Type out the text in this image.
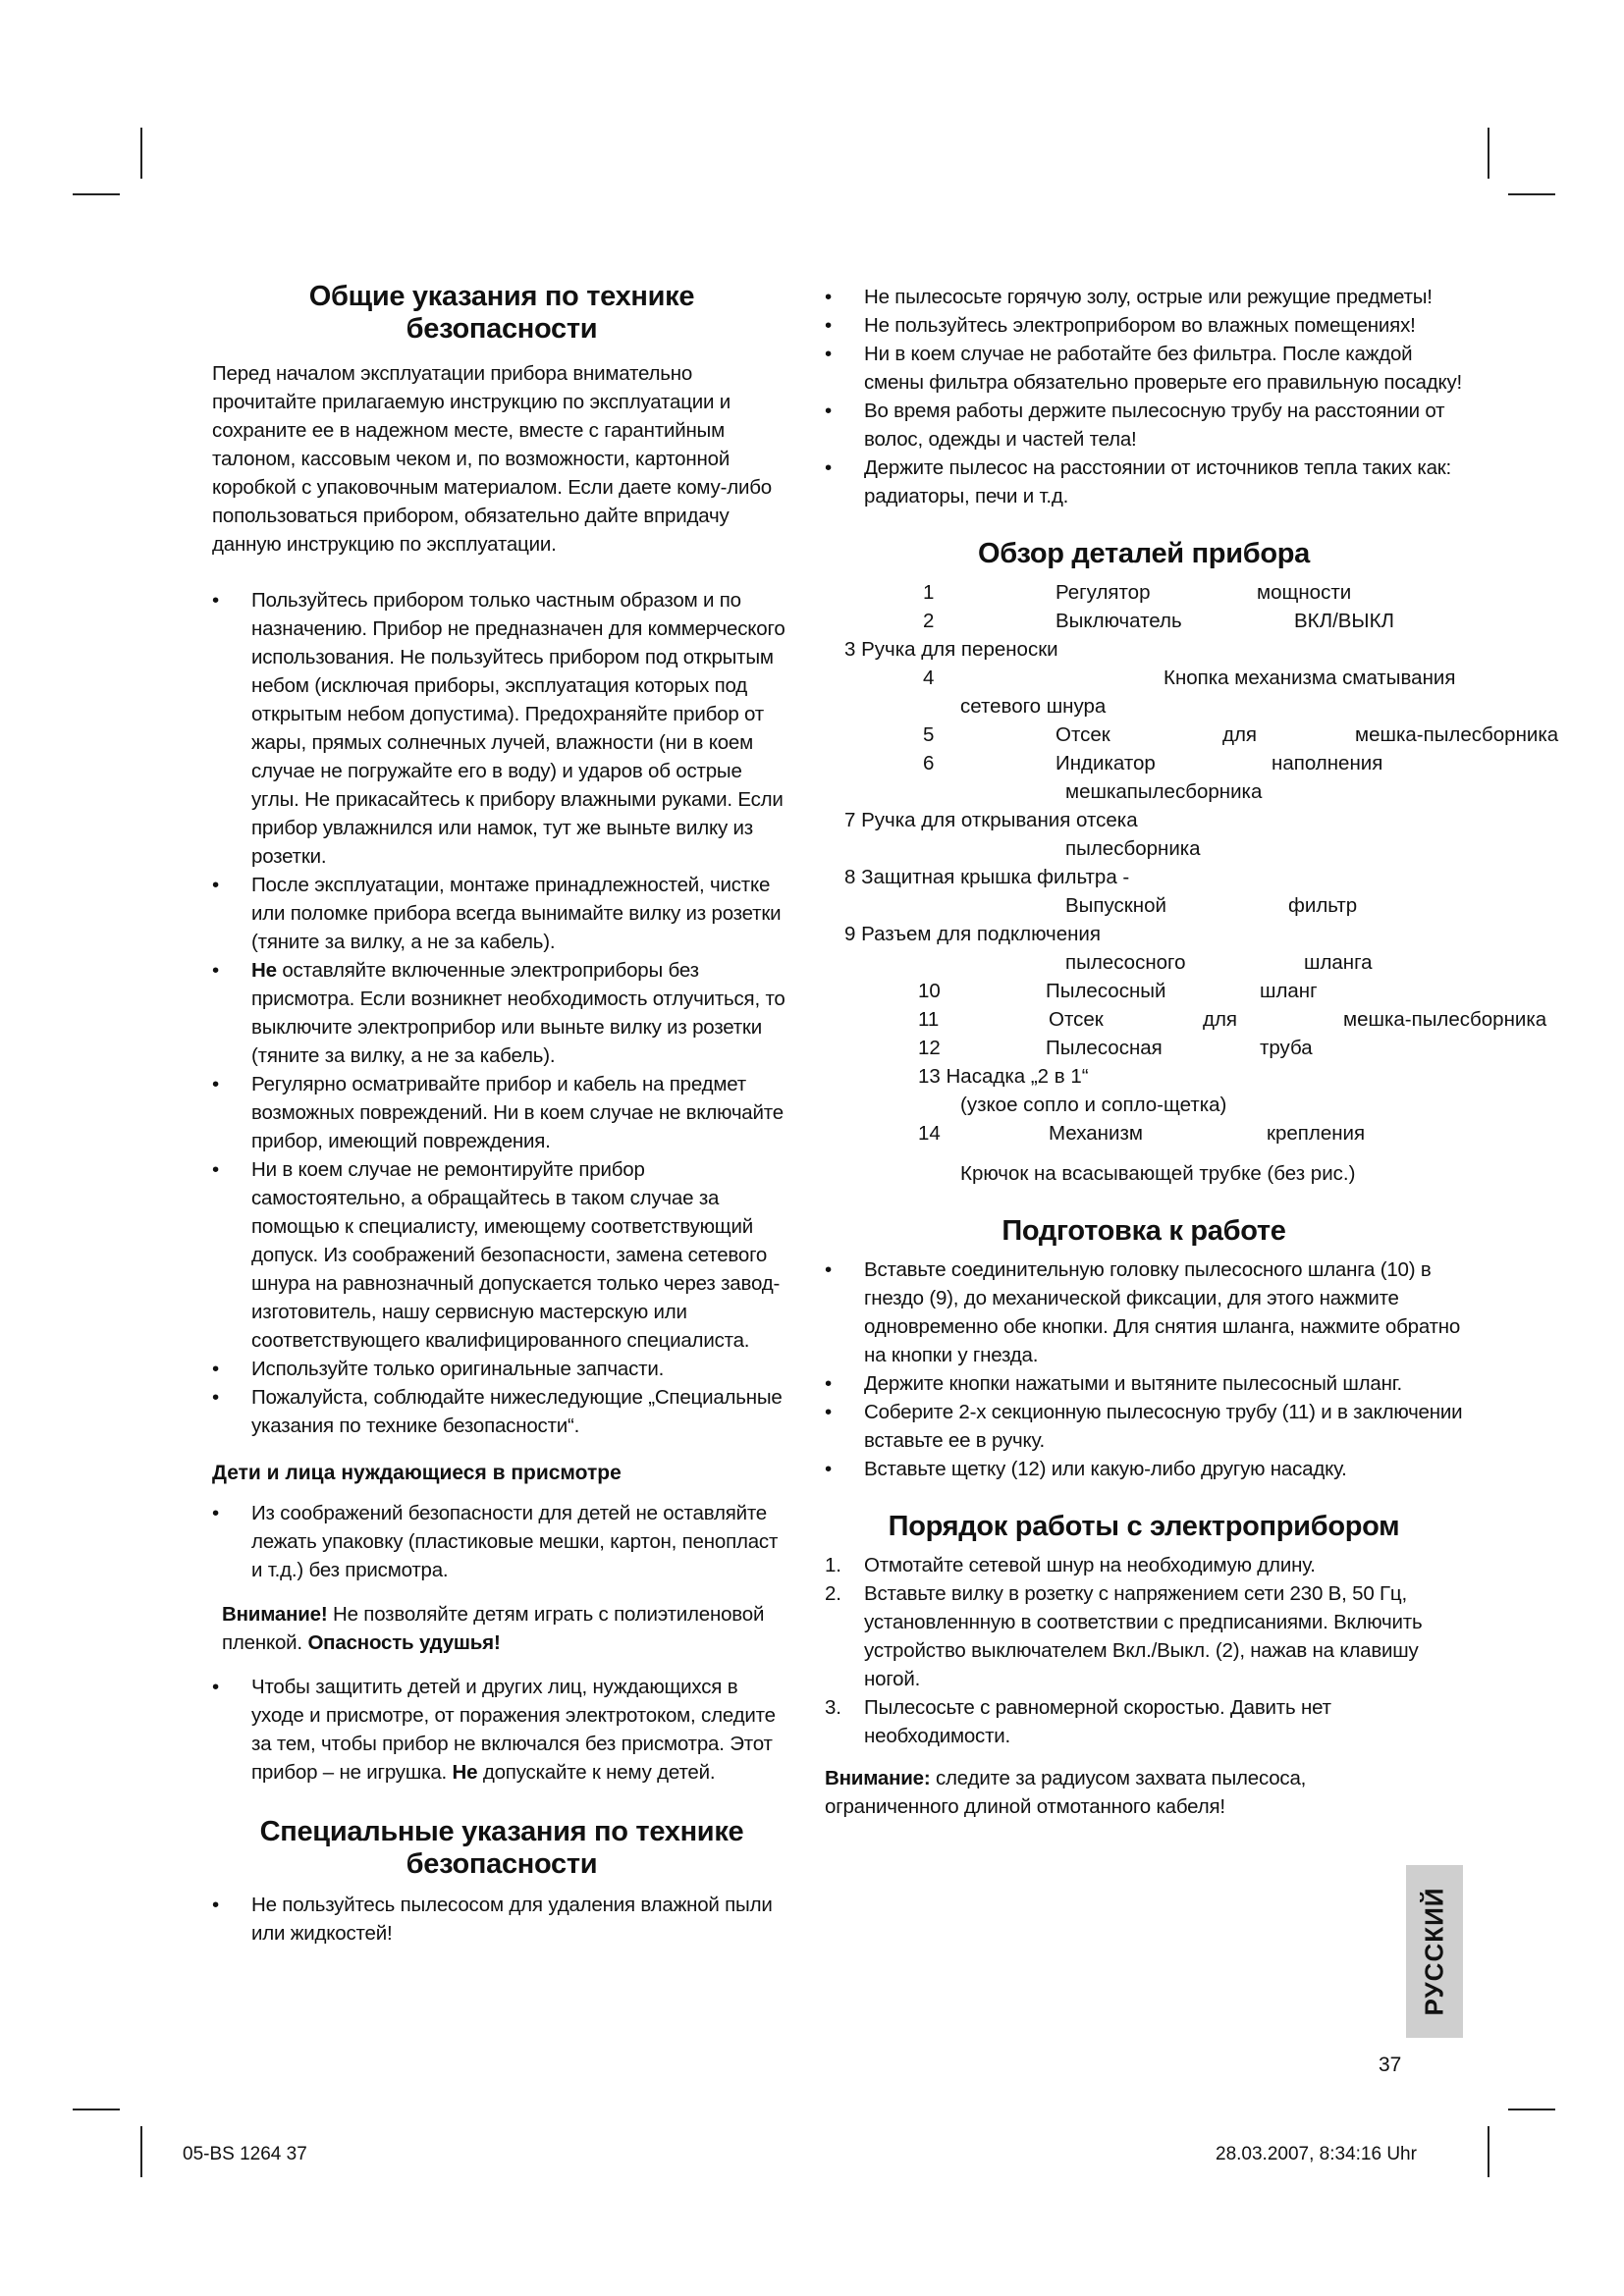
Общие указания по технике безопасности

Перед началом эксплуатации прибора внимательно прочитайте прилагаемую инструкцию по эксплуатации и сохраните ее в надежном месте, вместе с гарантийным талоном, кассовым чеком и, по возможности, картонной коробкой с упаковочным материалом. Если даете кому-либо попользоваться прибором, обязательно дайте впридачу данную инструкцию по эксплуатации.

• Пользуйтесь прибором только частным образом и по назначению. Прибор не предназначен для коммерческого использования. Не пользуйтесь прибором под открытым небом (исключая приборы, эксплуатация которых под открытым небом допустима). Предохраняйте прибор от жары, прямых солнечных лучей, влажности (ни в коем случае не погружайте его в воду) и ударов об острые углы. Не прикасайтесь к прибору влажными руками. Если прибор увлажнился или намок, тут же выньте вилку из розетки.
• После эксплуатации, монтаже принадлежностей, чистке или поломке прибора всегда вынимайте вилку из розетки (тяните за вилку, а не за кабель).
• Не оставляйте включенные электроприборы без присмотра. Если возникнет необходимость отлучиться, то выключите электроприбор или выньте вилку из розетки (тяните за вилку, а не за кабель).
• Регулярно осматривайте прибор и кабель на предмет возможных повреждений. Ни в коем случае не включайте прибор, имеющий повреждения.
• Ни в коем случае не ремонтируйте прибор самостоятельно, а обращайтесь в таком случае за помощью к специалисту, имеющему соответствующий допуск. Из соображений безопасности, замена сетевого шнура на равнозначный допускается только через завод-изготовитель, нашу сервисную мастерскую или соответствующего квалифицированного специалиста.
• Используйте только оригинальные запчасти.
• Пожалуйста, соблюдайте нижеследующие „Специальные указания по технике безопасности“.
Дети и лица нуждающиеся в присмотре
• Из соображений безопасности для детей не оставляйте лежать упаковку (пластиковые мешки, картон, пенопласт и т.д.) без присмотра.

Внимание! Не позволяйте детям играть с полиэтиленовой пленкой. Опасность удушья!

• Чтобы защитить детей и других лиц, нуждающихся в уходе и присмотре, от поражения электротоком, следите за тем, чтобы прибор не включался без присмотра. Этот прибор – не игрушка. Не допускайте к нему детей.
Специальные указания по технике
безопасности
• Не пользуйтесь пылесосом для удаления влажной пыли или жидкостей!
• Не пылесосьте горячую золу, острые или режущие предметы!
• Не пользуйтесь электроприбором во влажных помещениях!
• Ни в коем случае не работайте без фильтра. После каждой смены фильтра обязательно проверьте его правильную посадку!
• Во время работы держите пылесосную трубу на расстоянии от волос, одежды и частей тела!
• Держите пылесос на расстоянии от источников тепла таких как: радиаторы, печи и т.д.
Обзор деталей прибора
1	Регулятор	мощности
2	Выключатель	ВКЛ/ВЫКЛ
3 Ручка для переноски
4	Кнопка механизма сматывания
сетевого шнура
5	Отсек	для	мешка-пылесборника
6	Индикатор	наполнения
мешкапылесборника
7 Ручка для открывания отсека
пылесборника
8 Защитная крышка фильтра -
Выпускной	фильтр
9 Разъем для подключения
пылесосного	шланга
10	Пылесосный	шланг
11	Отсек	для	мешка-пылесборника
12	Пылесосная	труба
13 Насадка „2 в 1“
(узкое сопло и сопло-щетка)
14	Механизм	крепления
Крючок на всасывающей трубке (без рис.)
Подготовка к работе
• Вставьте соединительную головку пылесосного шланга (10) в гнездо (9), до механической фиксации, для этого нажмите одновременно обе кнопки. Для снятия шланга, нажмите обратно на кнопки у гнезда.
• Держите кнопки нажатыми и вытяните пылесосный шланг.
• Соберите 2-х секционную пылесосную трубу (11) и в заключении вставьте ее в ручку.
• Вставьте щетку (12) или какую-либо другую насадку.
Порядок работы с электроприбором
1. Отмотайте сетевой шнур на необходимую длину.
2. Вставьте вилку в розетку с напряжением сети 230 В, 50 Гц, установленнную в соответствии с предписаниями. Включить устройство выключателем Вкл./Выкл. (2), нажав на клавишу ногой.
3. Пылесосьте с равномерной скоростью. Давить нет необходимости.

Внимание: следите за радиусом захвата пылесоса, ограниченного длиной отмотанного кабеля!

РУССКИЙ
37
05-BS 1264 37	28.03.2007, 8:34:16 Uhr
